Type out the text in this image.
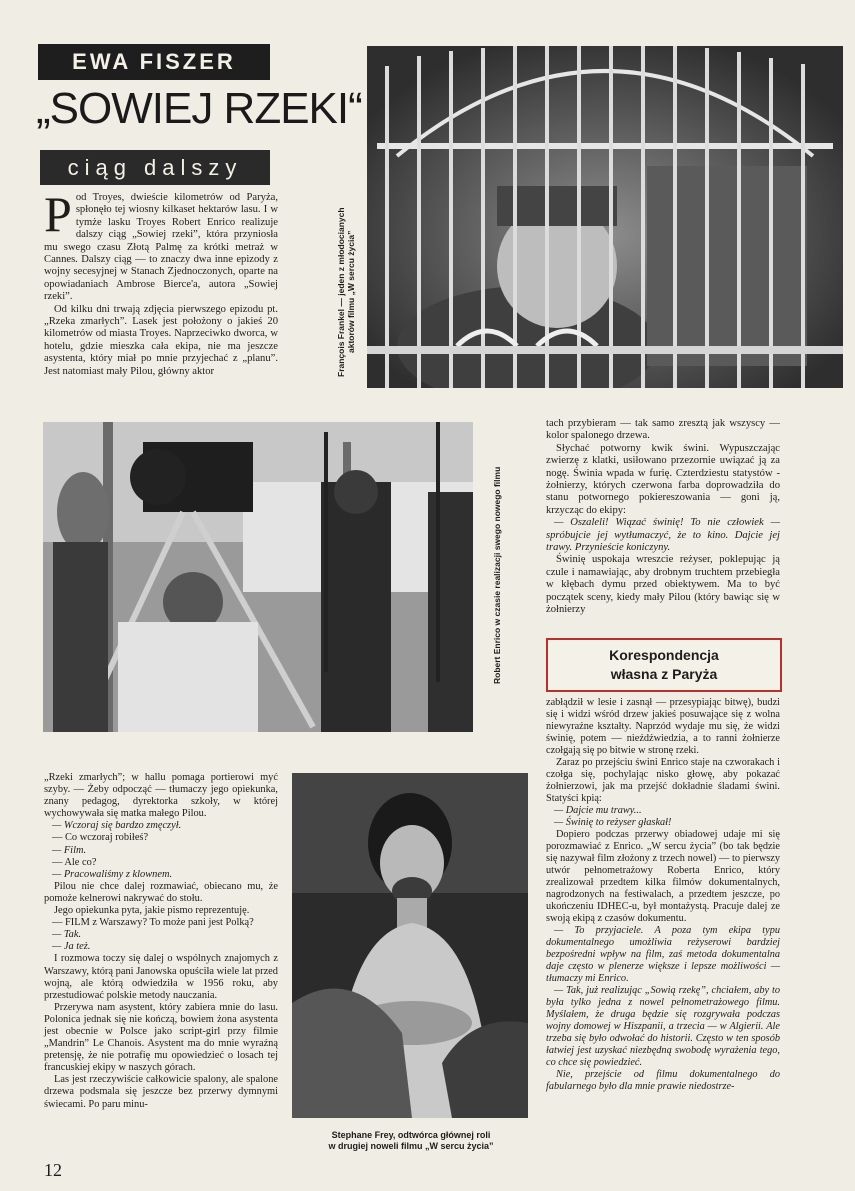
EWA FISZER
„SOWIEJ RZEKI“
ciąg dalszy
P od Troyes, dwieście kilometrów od Paryża, spłonęło tej wiosny kilkaset hektarów lasu. I w tymże lasku Troyes Robert Enrico realizuje dalszy ciąg „Sowiej rzeki”, która przyniosła mu swego czasu Złotą Palmę za krótki metraż w Cannes. Dalszy ciąg — to znaczy dwa inne epizody z wojny secesyjnej w Stanach Zjednoczonych, oparte na opowiadaniach Ambrose Bierce'a, autora „Sowiej rzeki”.

Od kilku dni trwają zdjęcia pierwszego epizodu pt. „Rzeka zmarłych”. Lasek jest położony o jakieś 20 kilometrów od miasta Troyes. Naprzeciwko dworca, w hotelu, gdzie mieszka cała ekipa, nie ma jeszcze asystenta, który miał po mnie przyjechać z „planu”. Jest natomiast mały Pilou, główny aktor	François Frankel — jeden z młodocianych aktorów filmu „W sercu życia”
Robert Enrico w czasie realizacji swego nowego filmu

tach przybieram — tak samo zresztą jak wszyscy — kolor spalonego drzewa.

Słychać potworny kwik świni. Wypuszczając zwierzę z klatki, usiłowano przezornie uwiązać ją za nogę. Świnia wpada w furię. Czterdziestu statystów - żołnierzy, których czerwona farba doprowadziła do stanu potwornego pokiereszowania — goni ją, krzycząc do ekipy:

— Oszaleli! Wiązać świnię! To nie człowiek — spróbujcie jej wytłumaczyć, że to kino. Dajcie jej trawy. Przynieście koniczyny.

Świnię uspokaja wreszcie reżyser, poklepując ją czule i namawiając, aby drobnym truchtem przebiegła w kłębach dymu przed obiektywem. Ma to być początek sceny, kiedy mały Pilou (który bawiąc się w żołnierzy

Korespondencja
własna z Paryża

zabłądził w lesie i zasnął — przesypiając bitwę), budzi się i widzi wśród drzew jakieś posuwające się z wolna niewyraźne kształty. Naprzód wydaje mu się, że widzi świnię, potem — nieźdźwiedzia, a to ranni żołnierze czołgają się po bitwie w stronę rzeki.

Zaraz po przejściu świni Enrico staje na czworakach i czołga się, pochylając nisko głowę, aby pokazać żołnierzowi, jak ma przejść dokładnie śladami świni. Statyści kpią:

— Dajcie mu trawy...

— Świnię to reżyser głaskał!

Dopiero podczas przerwy obiadowej udaje mi się porozmawiać z Enrico. „W sercu życia” (bo tak będzie się nazywał film złożony z trzech nowel) — to pierwszy utwór pełnometrażowy Roberta Enrico, który zrealizował przedtem kilka filmów dokumentalnych, nagrodzonych na festiwalach, a przedtem jeszcze, po ukończeniu IDHEC-u, był montażystą. Pracuje dalej ze swoją ekipą z czasów dokumentu.

— To przyjaciele. A poza tym ekipa typu dokumentalnego umożliwia reżyserowi bardziej bezpośredni wpływ na film, zaś metoda dokumentalna daje często w plenerze większe i lepsze możliwości — tłumaczy mi Enrico.

— Tak, już realizując „Sowią rzekę”, chciałem, aby to była tylko jedna z nowel pełnometrażowego filmu. Myślałem, że druga będzie się rozgrywała podczas wojny domowej w Hiszpanii, a trzecia — w Algierii. Ale trzeba się było odwołać do historii. Często w ten sposób łatwiej jest uzyskać niezbędną swobodę wyrażenia tego, co chce się powiedzieć.

Nie, przejście od filmu dokumentalnego do fabularnego było dla mnie prawie niedostrze-

„Rzeki zmarłych”; w hallu pomaga portierowi myć szyby. — Żeby odpocząć — tłumaczy jego opiekunka, znany pedagog, dyrektorka szkoły, w której wychowywała się matka małego Pilou.

— Wczoraj się bardzo zmęczył.

— Co wczoraj robiłeś?

— Film.

— Ale co?

— Pracowaliśmy z klownem.

Pilou nie chce dalej rozmawiać, obiecano mu, że pomoże kelnerowi nakrywać do stołu.

Jego opiekunka pyta, jakie pismo reprezentuję.

— FILM z Warszawy? To może pani jest Polką?

— Tak.

— Ja też.

I rozmowa toczy się dalej o wspólnych znajomych z Warszawy, którą pani Janowska opuściła wiele lat przed wojną, ale którą odwiedziła w 1956 roku, aby przestudiować polskie metody nauczania.

Przerywa nam asystent, który zabiera mnie do lasu. Polonica jednak się nie kończą, bowiem żona asystenta jest obecnie w Polsce jako script-girl przy filmie „Mandrin” Le Chanois. Asystent ma do mnie wyraźną pretensję, że nie potrafię mu opowiedzieć o losach tej francuskiej ekipy w naszych górach.

Las jest rzeczywiście całkowicie spalony, ale spalone drzewa podsmala się jeszcze bez przerwy dymnymi świecami. Po paru minu-

Stephane Frey, odtwórca głównej roli
w drugiej noweli filmu „W sercu życia”
12
